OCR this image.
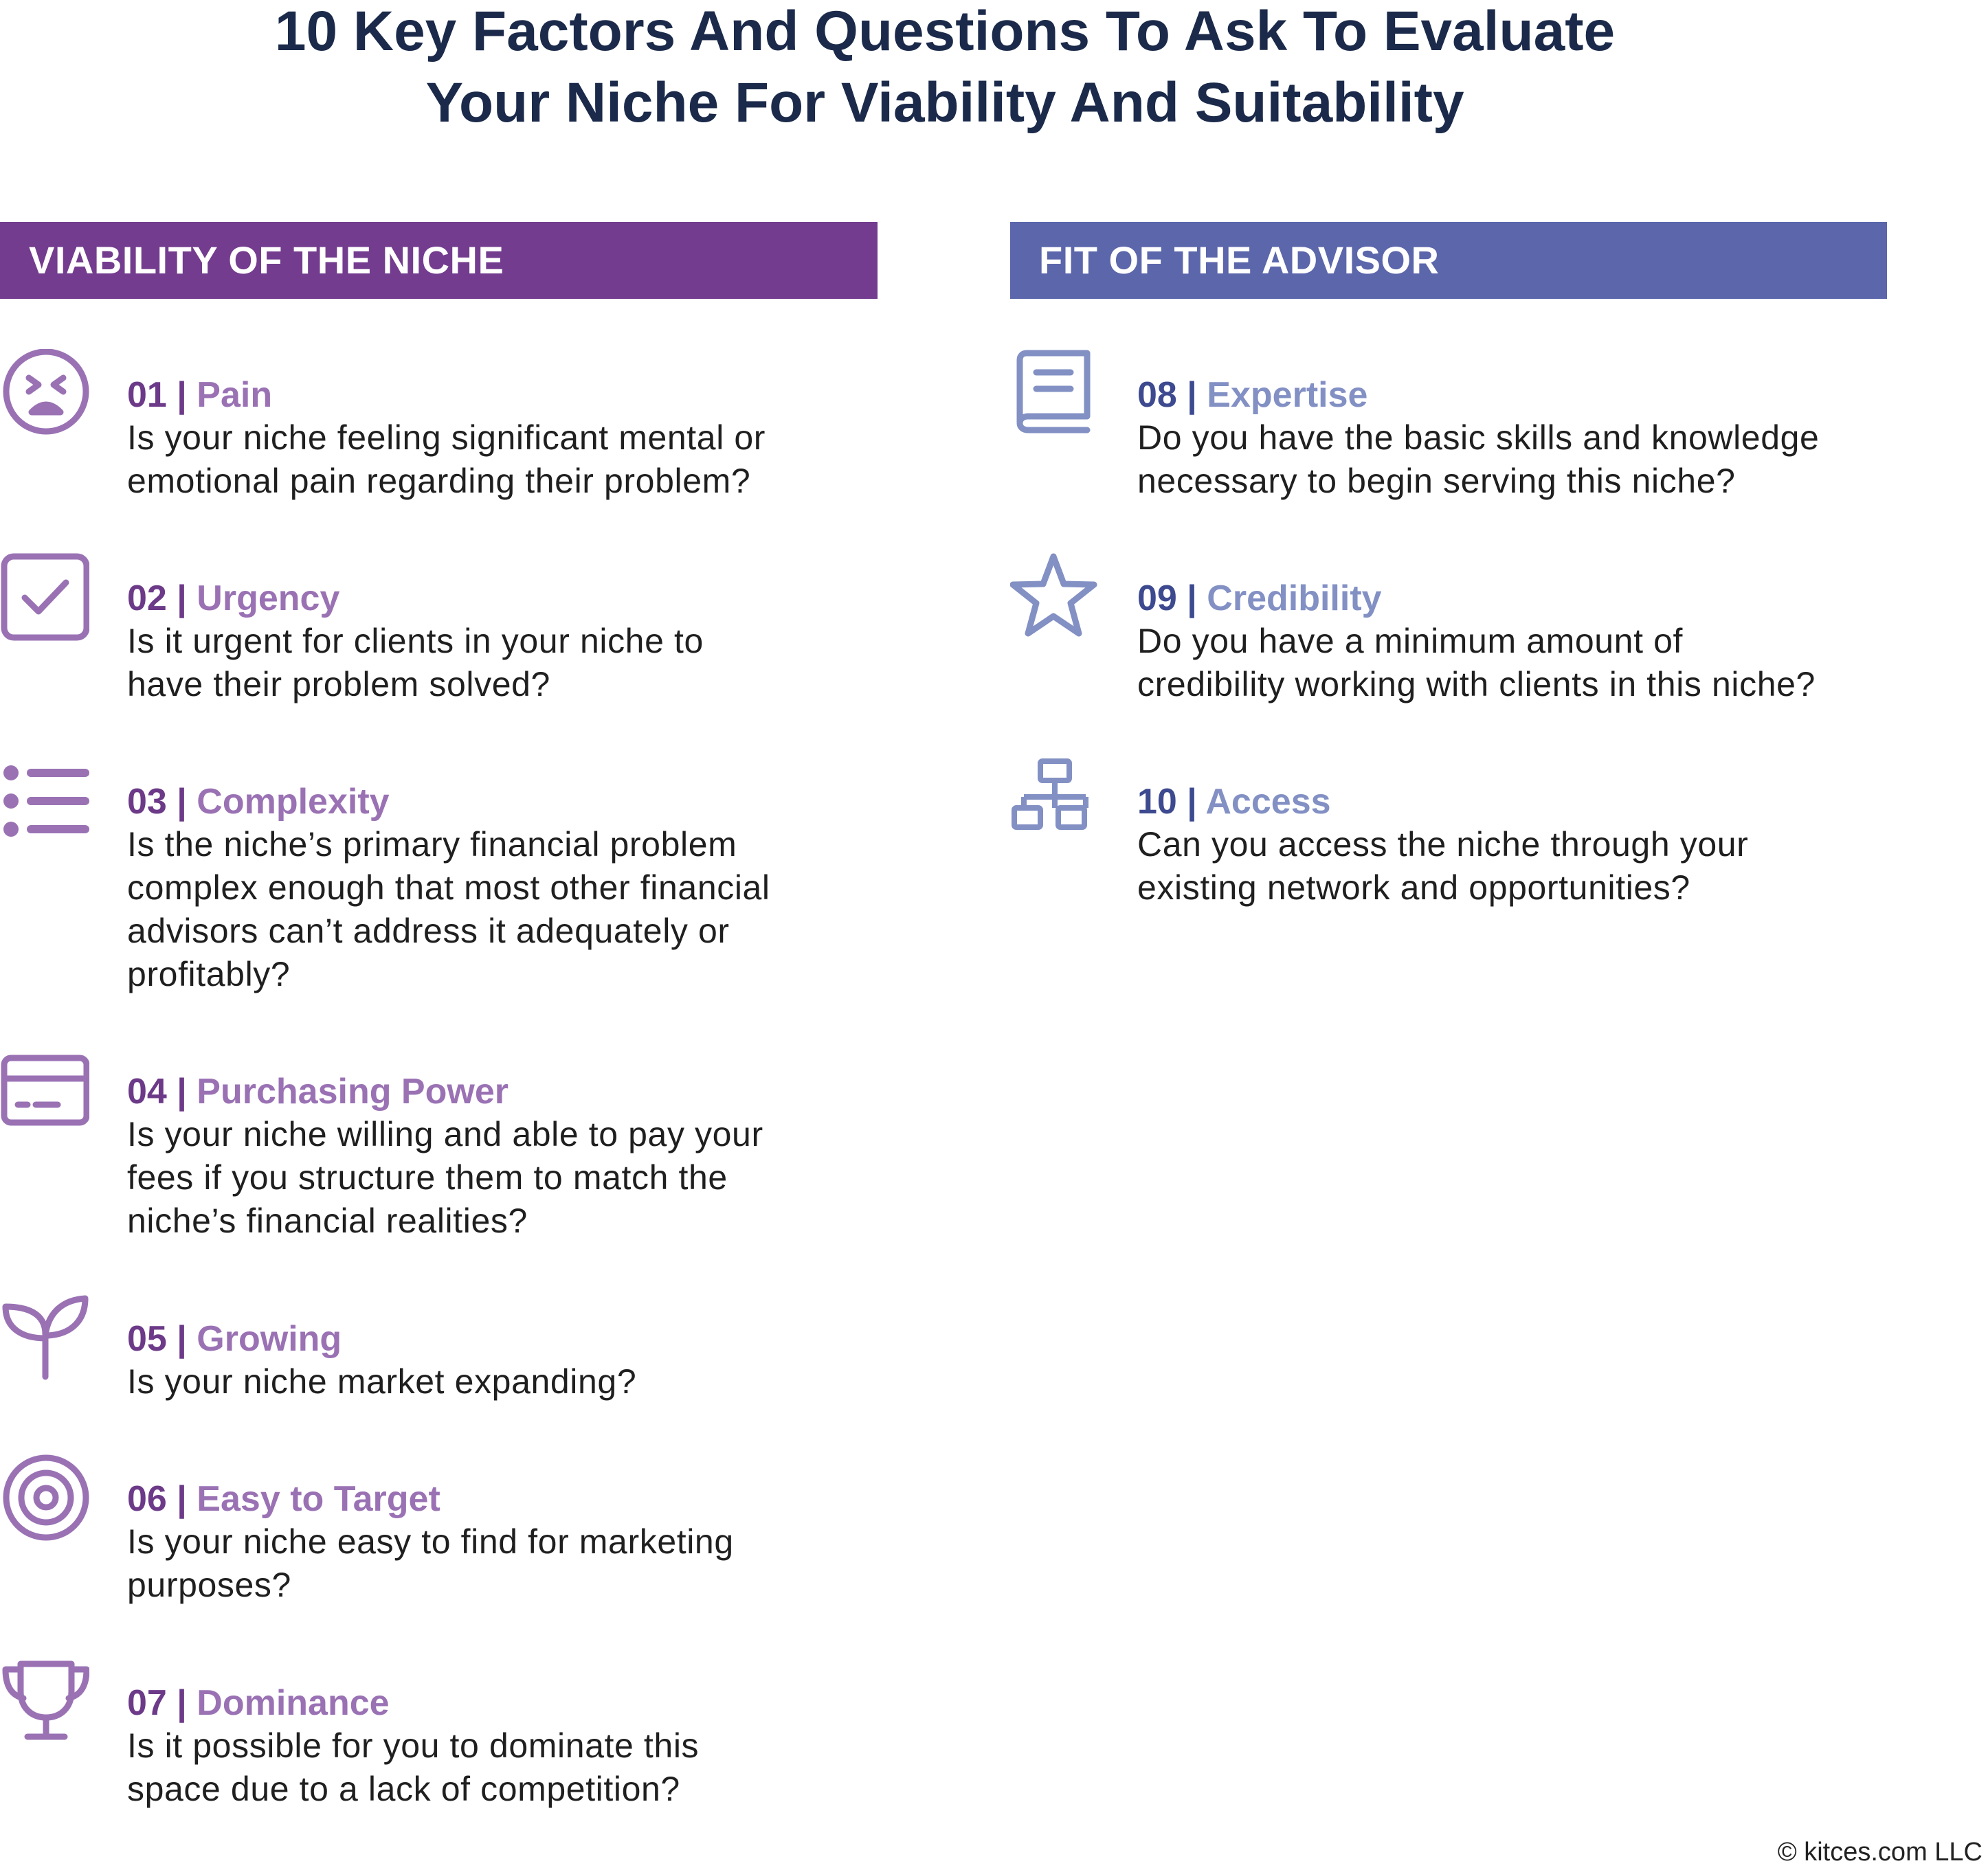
10 Key Factors And Questions To Ask To Evaluate
Your Niche For Viability And Suitability
VIABILITY OF THE NICHE	FIT OF THE ADVISOR
01 | Pain
Is your niche feeling significant mental or
emotional pain regarding their problem?
02 | Urgency
Is it urgent for clients in your niche to
have their problem solved?
03 | Complexity
Is the niche’s primary financial problem
complex enough that most other financial
advisors can’t address it adequately or
profitably?
04 | Purchasing Power
Is your niche willing and able to pay your
fees if you structure them to match the
niche’s financial realities?
05 | Growing
Is your niche market expanding?
06 | Easy to Target
Is your niche easy to find for marketing
purposes?
07 | Dominance
Is it possible for you to dominate this
space due to a lack of competition?
08 | Expertise
Do you have the basic skills and knowledge
necessary to begin serving this niche?
09 | Credibility
Do you have a minimum amount of
credibility working with clients in this niche?
10 | Access
Can you access the niche through your
existing network and opportunities?
© kitces.com LLC
